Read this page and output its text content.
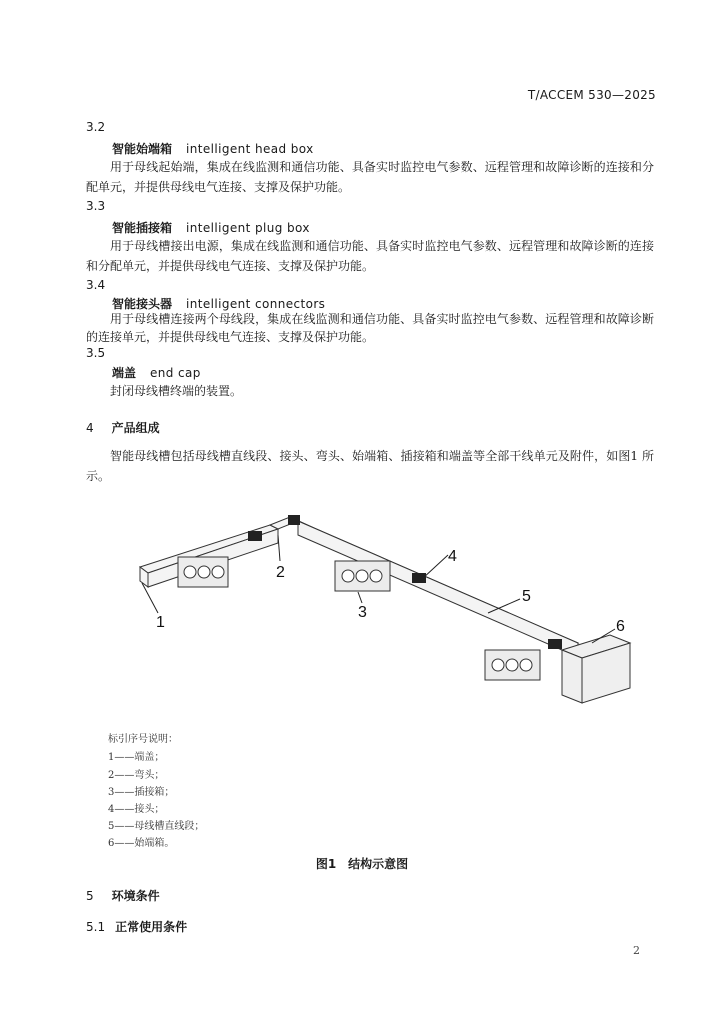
T/ACCEM 530—2025
3.2
智能始端箱 intelligent head box
用于母线起始端，集成在线监测和通信功能、具备实时监控电气参数、远程管理和故障诊断的连接和分配单元，并提供母线电气连接、支撑及保护功能。
3.3
智能插接箱 intelligent plug box
用于母线槽接出电源，集成在线监测和通信功能、具备实时监控电气参数、远程管理和故障诊断的连接和分配单元，并提供母线电气连接、支撑及保护功能。
3.4
智能接头器 intelligent connectors
用于母线槽连接两个母线段，集成在线监测和通信功能、具备实时监控电气参数、远程管理和故障诊断的连接单元，并提供母线电气连接、支撑及保护功能。
3.5
端盖 end cap
封闭母线槽终端的装置。
4 产品组成
智能母线槽包括母线槽直线段、接头、弯头、始端箱、插接箱和端盖等全部干线单元及附件，如图1 所示。
1
2
3
4
5
6
标引序号说明：
1——端盖；
2——弯头；
3——插接箱；
4——接头；
5——母线槽直线段；
6——始端箱。
图1　结构示意图
5 环境条件
5.1 正常使用条件
2
